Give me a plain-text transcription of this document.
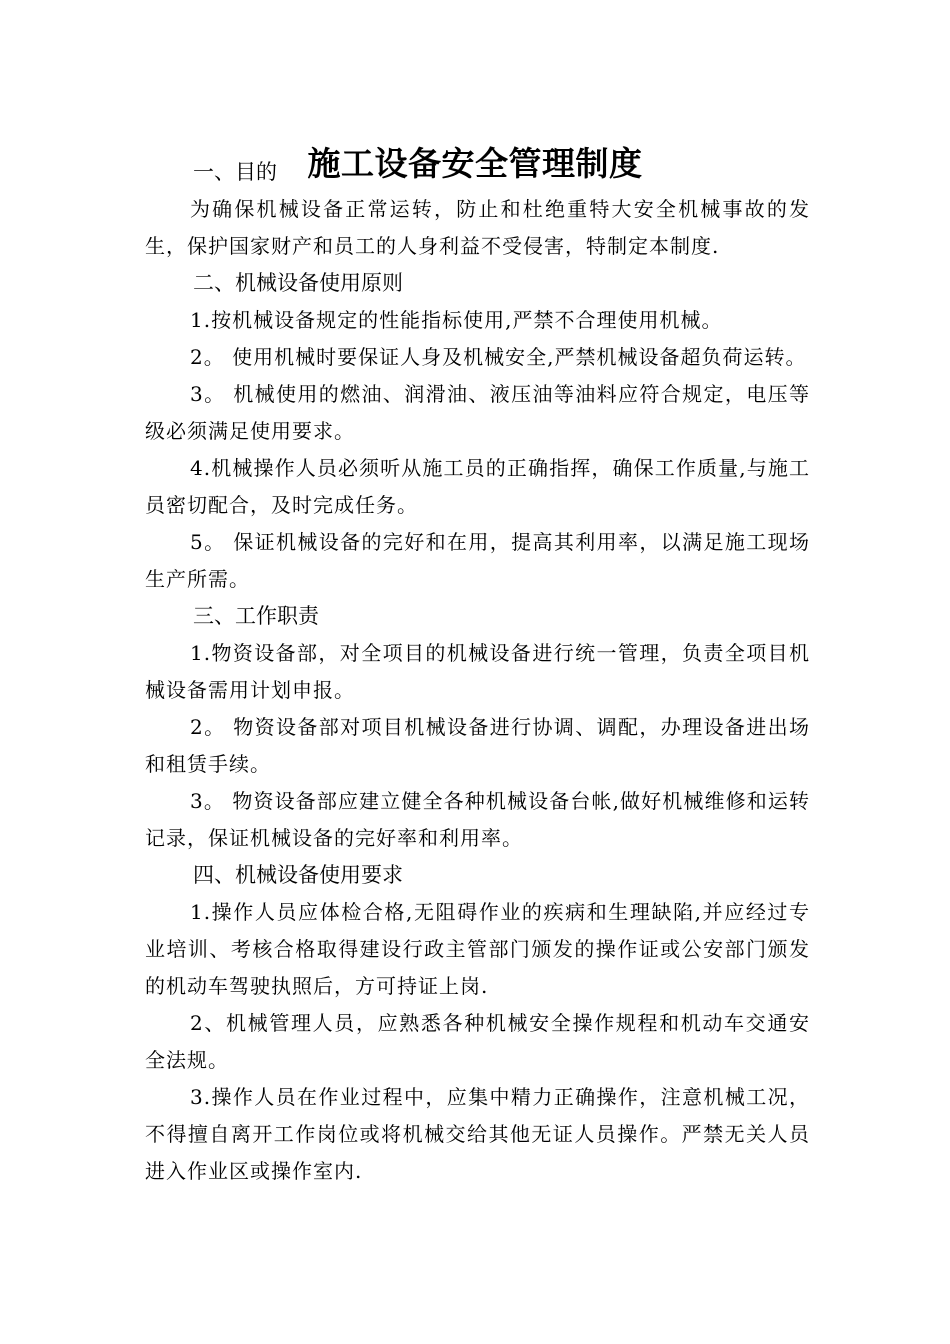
施工设备安全管理制度

一、目的

为确保机械设备正常运转，防止和杜绝重特大安全机械事故的发生，保护国家财产和员工的人身利益不受侵害，特制定本制度.

二、机械设备使用原则

1.按机械设备规定的性能指标使用,严禁不合理使用机械。

2。 使用机械时要保证人身及机械安全,严禁机械设备超负荷运转。

3。 机械使用的燃油、润滑油、液压油等油料应符合规定，电压等级必须满足使用要求。

4.机械操作人员必须听从施工员的正确指挥，确保工作质量,与施工员密切配合，及时完成任务。

5。 保证机械设备的完好和在用，提高其利用率，以满足施工现场生产所需。

三、工作职责

1.物资设备部，对全项目的机械设备进行统一管理，负责全项目机械设备需用计划申报。

2。 物资设备部对项目机械设备进行协调、调配，办理设备进出场和租赁手续。

3。 物资设备部应建立健全各种机械设备台帐,做好机械维修和运转记录，保证机械设备的完好率和利用率。

四、机械设备使用要求

1.操作人员应体检合格,无阻碍作业的疾病和生理缺陷,并应经过专业培训、考核合格取得建设行政主管部门颁发的操作证或公安部门颁发的机动车驾驶执照后，方可持证上岗.

2、机械管理人员，应熟悉各种机械安全操作规程和机动车交通安全法规。

3.操作人员在作业过程中，应集中精力正确操作，注意机械工况，不得擅自离开工作岗位或将机械交给其他无证人员操作。严禁无关人员进入作业区或操作室内.
